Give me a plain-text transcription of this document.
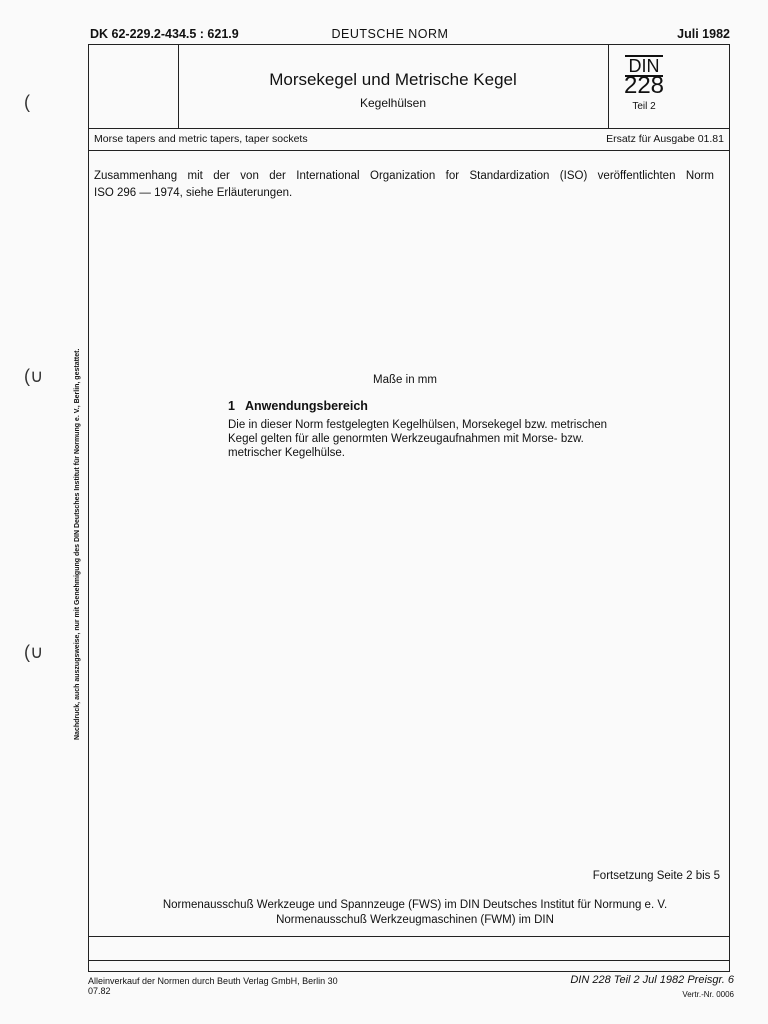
DK 62-229.2-434.5 : 621.9	DEUTSCHE NORM	Juli 1982
Morsekegel und Metrische Kegel
Kegelhülsen
DIN
228
Teil 2
Morse tapers and metric tapers, taper sockets	Ersatz für Ausgabe 01.81
Zusammenhang mit der von der International Organization for Standardization (ISO) veröffentlichten Norm
ISO 296 — 1974, siehe Erläuterungen.
Maße in mm
1 Anwendungsbereich
Die in dieser Norm festgelegten Kegelhülsen, Morsekegel bzw. metrischen
Kegel gelten für alle genormten Werkzeugaufnahmen mit Morse- bzw.
metrischer Kegelhülse.
Fortsetzung Seite 2 bis 5
Normenausschuß Werkzeuge und Spannzeuge (FWS) im DIN Deutsches Institut für Normung e. V.
Normenausschuß Werkzeugmaschinen (FWM) im DIN
Alleinverkauf der Normen durch Beuth Verlag GmbH, Berlin 30
07.82
DIN 228 Teil 2 Jul 1982 Preisgr. 6
Vertr.-Nr. 0006
Nachdruck, auch auszugsweise, nur mit Genehmigung des DIN Deutsches Institut für Normung e. V., Berlin, gestattet.
(
(∪
(∪
